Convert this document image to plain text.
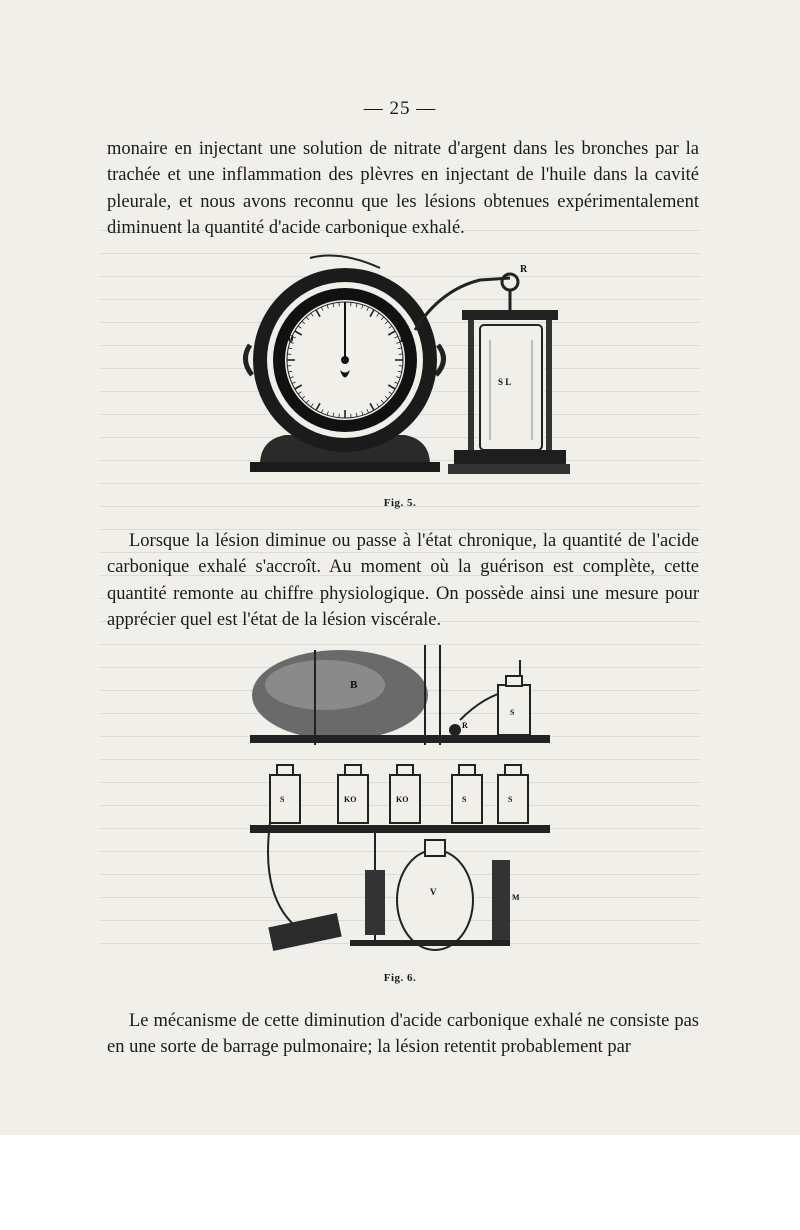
— 25 —

monaire en injectant une solution de nitrate d'argent dans les bronches par la trachée et une inflammation des plèvres en injectant de l'huile dans la cavité pleurale, et nous avons reconnu que les lésions obtenues expérimentalement diminuent la quantité d'acide carbonique exhalé.

50
40	10
30	20
R
S L
Fig. 5.

Lorsque la lésion diminue ou passe à l'état chronique, la quantité de l'acide carbonique exhalé s'accroît. Au moment où la guérison est complète, cette quantité remonte au chiffre physiologique. On possède ainsi une mesure pour apprécier quel est l'état de la lésion viscérale.

B
S
R
S	KO	KO	S	S
V
M
Fig. 6.

Le mécanisme de cette diminution d'acide carbonique exhalé ne consiste pas en une sorte de barrage pulmonaire; la lésion retentit probablement par
